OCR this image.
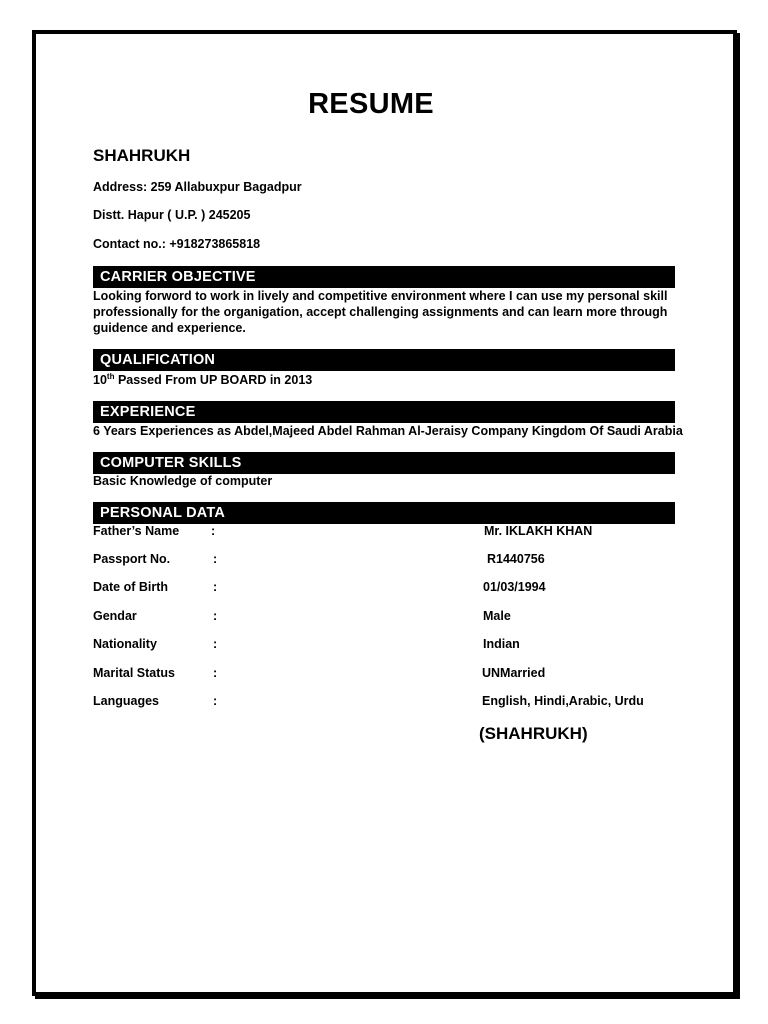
RESUME
SHAHRUKH
Address: 259 Allabuxpur Bagadpur
Distt. Hapur ( U.P. ) 245205
Contact no.: +918273865818
CARRIER OBJECTIVE
Looking forword to work in lively and competitive environment where I can use my personal skill professionally for the organigation, accept challenging assignments and can learn more through guidence and experience.
QUALIFICATION
10th Passed From UP BOARD in 2013
EXPERIENCE
6 Years Experiences as Abdel,Majeed Abdel Rahman Al-Jeraisy Company Kingdom Of Saudi Arabia
COMPUTER SKILLS
Basic Knowledge of computer
PERSONAL DATA
Father’s Name	:	Mr. IKLAKH KHAN
Passport No.	:	R1440756
Date of Birth	:	01/03/1994
Gendar	:	Male
Nationality	:	Indian
Marital Status	:	UNMarried
Languages	:	English, Hindi,Arabic, Urdu
(SHAHRUKH)
